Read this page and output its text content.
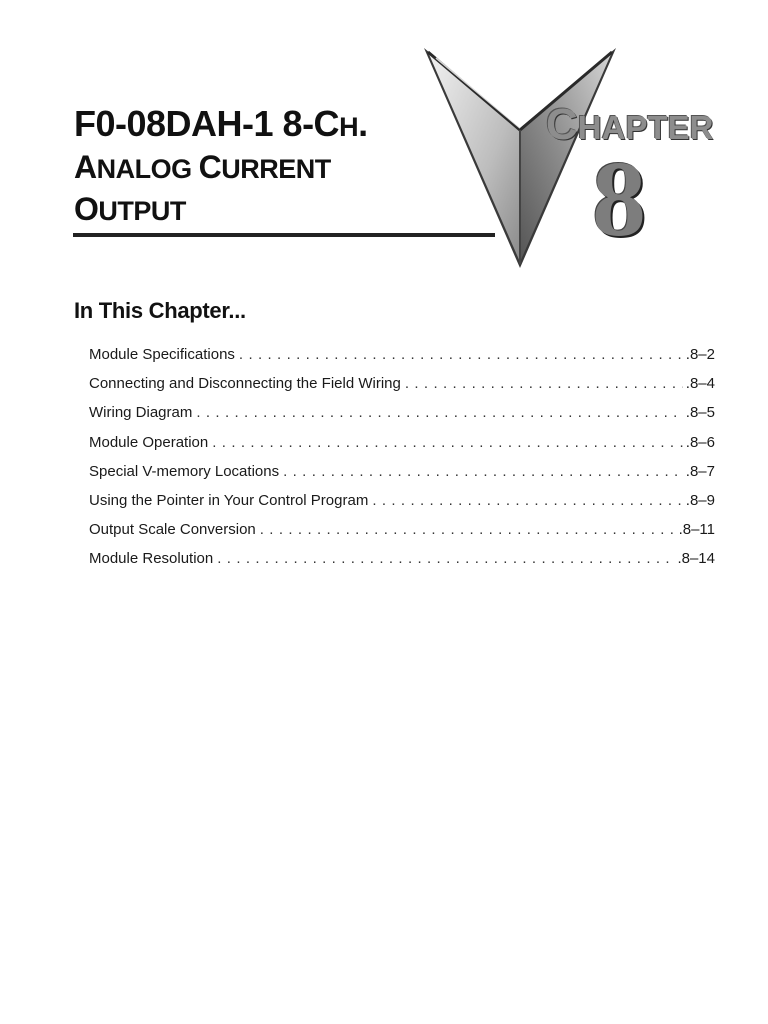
F0-08DAH-1 8-CH.
ANALOG CURRENT
OUTPUT
CHAPTER
8
In This Chapter...
Module Specifications . . .	.8–2
Connecting and Disconnecting the Field Wiring . . .	.8–4
Wiring Diagram . . .	.8–5
Module Operation . . .	.8–6
Special V-memory Locations . . .	.8–7
Using the Pointer in Your Control Program . . .	.8–9
Output Scale Conversion . . .	.8–11
Module Resolution . . .	.8–14
